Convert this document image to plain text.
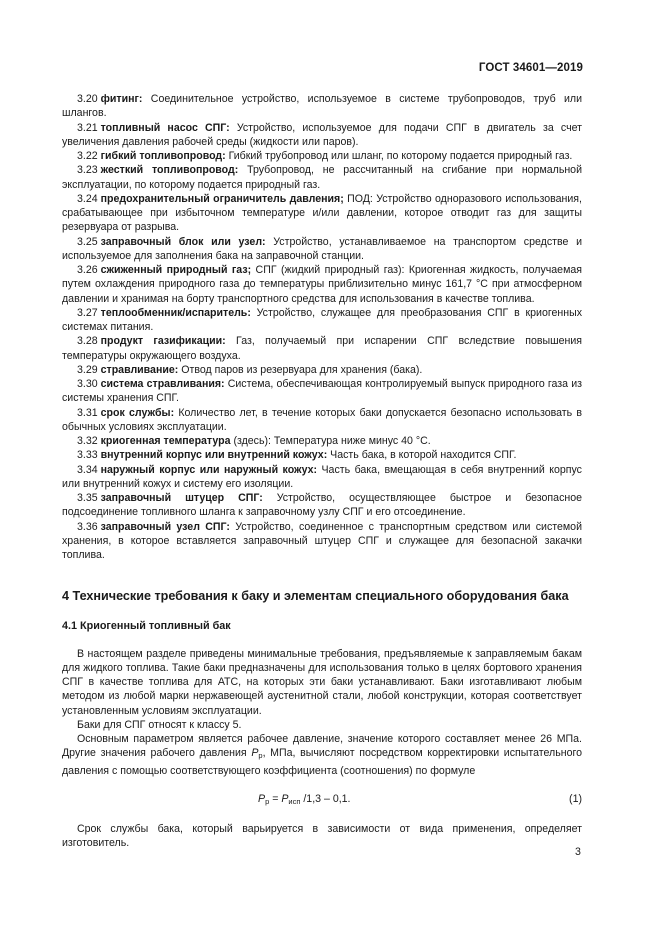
ГОСТ 34601—2019

3.20 фитинг: Соединительное устройство, используемое в системе трубопроводов, труб или шлангов.

3.21 топливный насос СПГ: Устройство, используемое для подачи СПГ в двигатель за счет увеличения давления рабочей среды (жидкости или паров).

3.22 гибкий топливопровод: Гибкий трубопровод или шланг, по которому подается природный газ.

3.23 жесткий топливопровод: Трубопровод, не рассчитанный на сгибание при нормальной эксплуатации, по которому подается природный газ.

3.24 предохранительный ограничитель давления; ПОД: Устройство одноразового использования, срабатывающее при избыточном температуре и/или давлении, которое отводит газ для защиты резервуара от разрыва.

3.25 заправочный блок или узел: Устройство, устанавливаемое на транспортом средстве и используемое для заполнения бака на заправочной станции.

3.26 сжиженный природный газ; СПГ (жидкий природный газ): Криогенная жидкость, получаемая путем охлаждения природного газа до температуры приблизительно минус 161,7 °С при атмосферном давлении и хранимая на борту транспортного средства для использования в качестве топлива.

3.27 теплообменник/испаритель: Устройство, служащее для преобразования СПГ в криогенных системах питания.

3.28 продукт газификации: Газ, получаемый при испарении СПГ вследствие повышения температуры окружающего воздуха.

3.29 стравливание: Отвод паров из резервуара для хранения (бака).

3.30 система стравливания: Система, обеспечивающая контролируемый выпуск природного газа из системы хранения СПГ.

3.31 срок службы: Количество лет, в течение которых баки допускается безопасно использовать в обычных условиях эксплуатации.

3.32 криогенная температура (здесь): Температура ниже минус 40 °С.

3.33 внутренний корпус или внутренний кожух: Часть бака, в которой находится СПГ.

3.34 наружный корпус или наружный кожух: Часть бака, вмещающая в себя внутренний корпус или внутренний кожух и систему его изоляции.

3.35 заправочный штуцер СПГ: Устройство, осуществляющее быстрое и безопасное подсоединение топливного шланга к заправочному узлу СПГ и его отсоединение.

3.36 заправочный узел СПГ: Устройство, соединенное с транспортным средством или системой хранения, в которое вставляется заправочный штуцер СПГ и служащее для безопасной закачки топлива.

4 Технические требования к баку и элементам специального оборудования бака
4.1 Криогенный топливный бак

В настоящем разделе приведены минимальные требования, предъявляемые к заправляемым бакам для жидкого топлива. Такие баки предназначены для использования только в целях бортового хранения СПГ в качестве топлива для АТС, на которых эти баки устанавливают. Баки изготавливают любым методом из любой марки нержавеющей аустенитной стали, любой конструкции, которая соответствует установленным условиям эксплуатации.

Баки для СПГ относят к классу 5.

Основным параметром является рабочее давление, значение которого составляет менее 26 МПа. Другие значения рабочего давления $P_р$, МПа, вычисляют посредством корректировки испытательного давления с помощью соответствующего коэффициента (соотношения) по формуле

$P_р = P_{исп}$ /1,3 – 0,1.	(1)

Срок службы бака, который варьируется в зависимости от вида применения, определяет изготовитель.

3
